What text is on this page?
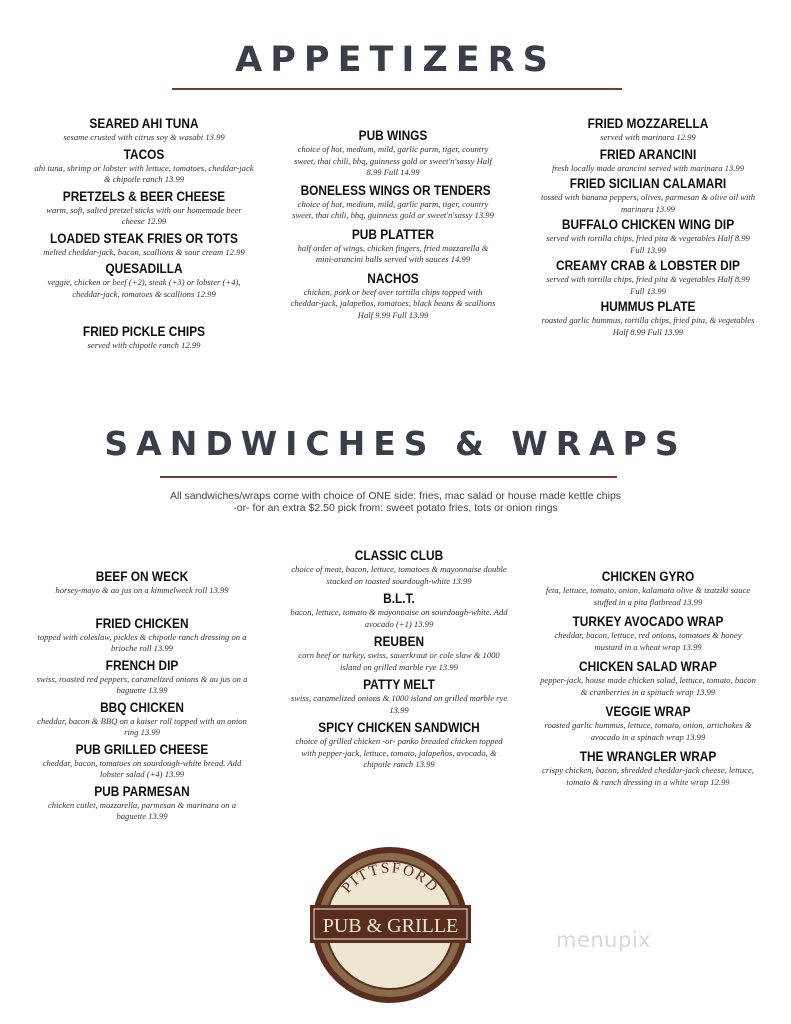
APPETIZERS
SEARED AHI TUNA
sesame crusted with citrus soy & wasabi 13.99
TACOS
ahi tuna, shrimp or lobster with lettuce, tomatoes, cheddar-jack & chipotle ranch 13.99
PRETZELS & BEER CHEESE
warm, soft, salted pretzel sticks with our homemade beer cheese 12.99
LOADED STEAK FRIES OR TOTS
melted cheddar-jack, bacon, scallions & sour cream 12.99
QUESADILLA
veggie, chicken or beef (+2), steak (+3) or lobster (+4), cheddar-jack, tomatoes & scallions 12.99
FRIED PICKLE CHIPS
served with chipotle ranch 12.99
PUB WINGS
choice of hot, medium, mild, garlic parm, tiger, country sweet, thai chili, bbq, guinness gold or sweet'n'sassy Half 8.99 Full 14.99
BONELESS WINGS OR TENDERS
choice of hot, medium, mild, garlic parm, tiger, country sweet, thai chili, bbq, guinness gold or sweet'n'sassy 13.99
PUB PLATTER
half order of wings, chicken fingers, fried mozzarella & mini-arancini balls served with sauces 14.99
NACHOS
chicken, pork or beef over tortilla chips topped with cheddar-jack, jalapeños, tomatoes, black beans & scallions Half 9.99 Full 13.99
FRIED MOZZARELLA
served with marinara 12.99
FRIED ARANCINI
fresh locally made arancini served with marinara 13.99
FRIED SICILIAN CALAMARI
tossed with banana peppers, olives, parmesan & olive oil with marinara 13.99
BUFFALO CHICKEN WING DIP
served with tortilla chips, fried pita & vegetables Half 8.99 Full 13.99
CREAMY CRAB & LOBSTER DIP
served with tortilla chips, fried pita & vegetables Half 8.99 Full 13.99
HUMMUS PLATE
roasted garlic hummus, tortilla chips, fried pita, & vegetables Half 8.99 Full 13.99
SANDWICHES & WRAPS
All sandwiches/wraps come with choice of ONE side: fries, mac salad or house made kettle chips
-or- for an extra $2.50 pick from: sweet potato fries, tots or onion rings
BEEF ON WECK
horsey-mayo & au jus on a kimmelweck roll 13.99
FRIED CHICKEN
topped with coleslaw, pickles & chipotle ranch dressing on a brioche roll 13.99
FRENCH DIP
swiss, roasted red peppers, caramelized onions & au jus on a baguette 13.99
BBQ CHICKEN
cheddar, bacon & BBQ on a kaiser roll topped with an onion ring 13.99
PUB GRILLED CHEESE
cheddar, bacon, tomatoes on sourdough-white bread. Add lobster salad (+4) 13.99
PUB PARMESAN
chicken cutlet, mozzarella, parmesan & marinara on a baguette 13.99
CLASSIC CLUB
choice of meat, bacon, lettuce, tomatoes & mayonnaise double stacked on toasted sourdough-white 13.99
B.L.T.
bacon, lettuce, tomato & mayonnaise on sourdough-white. Add avocado (+1) 13.99
REUBEN
corn beef or turkey, swiss, sauerkraut or cole slaw & 1000 island on grilled marble rye 13.99
PATTY MELT
swiss, caramelized onions & 1000 island on grilled marble rye 13.99
SPICY CHICKEN SANDWICH
choice of grilled chicken -or- panko breaded chicken topped with pepper-jack, lettuce, tomato, jalapeños, avocado, & chipotle ranch 13.99
CHICKEN GYRO
feta, lettuce, tomato, onion, kalamata olive & tzatziki sauce stuffed in a pita flatbread 13.99
TURKEY AVOCADO WRAP
cheddar, bacon, lettuce, red onions, tomatoes & honey mustard in a wheat wrap 13.99
CHICKEN SALAD WRAP
pepper-jack, house made chicken salad, lettuce, tomato, bacon & cranberries in a spinach wrap 13.99
VEGGIE WRAP
roasted garlic hummus, lettuce, tomato, onion, artichokes & avocado in a spinach wrap 13.99
THE WRANGLER WRAP
crispy chicken, bacon, shredded cheddar-jack cheese, lettuce, tomato & ranch dressing in a white wrap 12.99
PITTSFORD
PUB & GRILLE
menupix
